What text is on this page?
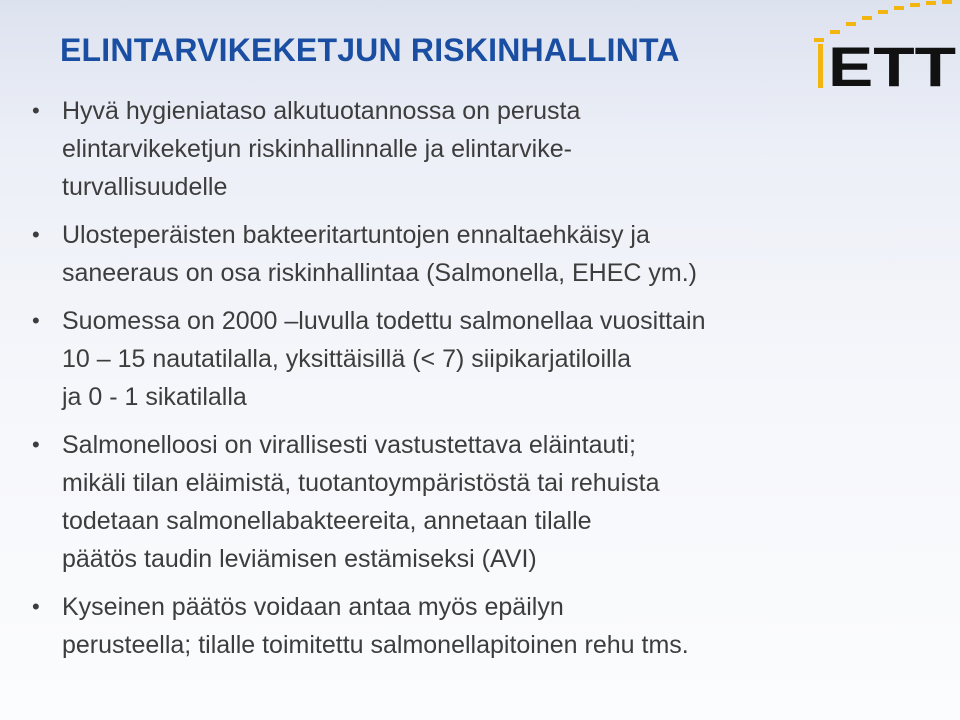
ELINTARVIKEKETJUN RISKINHALLINTA	ETT
• Hyvä hygieniataso alkutuotannossa on perusta
elintarvikeketjun riskinhallinnalle ja elintarvike-
turvallisuudelle
• Ulosteperäisten bakteeritartuntojen ennaltaehkäisy ja
saneeraus on osa riskinhallintaa (Salmonella, EHEC ym.)
• Suomessa on 2000 –luvulla todettu salmonellaa vuosittain
10 – 15 nautatilalla, yksittäisillä (< 7) siipikarjatiloilla
ja 0 - 1 sikatilalla
• Salmonelloosi on virallisesti vastustettava eläintauti;
mikäli tilan eläimistä, tuotantoympäristöstä tai rehuista
todetaan salmonellabakteereita, annetaan tilalle
päätös taudin leviämisen estämiseksi (AVI)
• Kyseinen päätös voidaan antaa myös epäilyn
perusteella; tilalle toimitettu salmonellapitoinen rehu tms.
